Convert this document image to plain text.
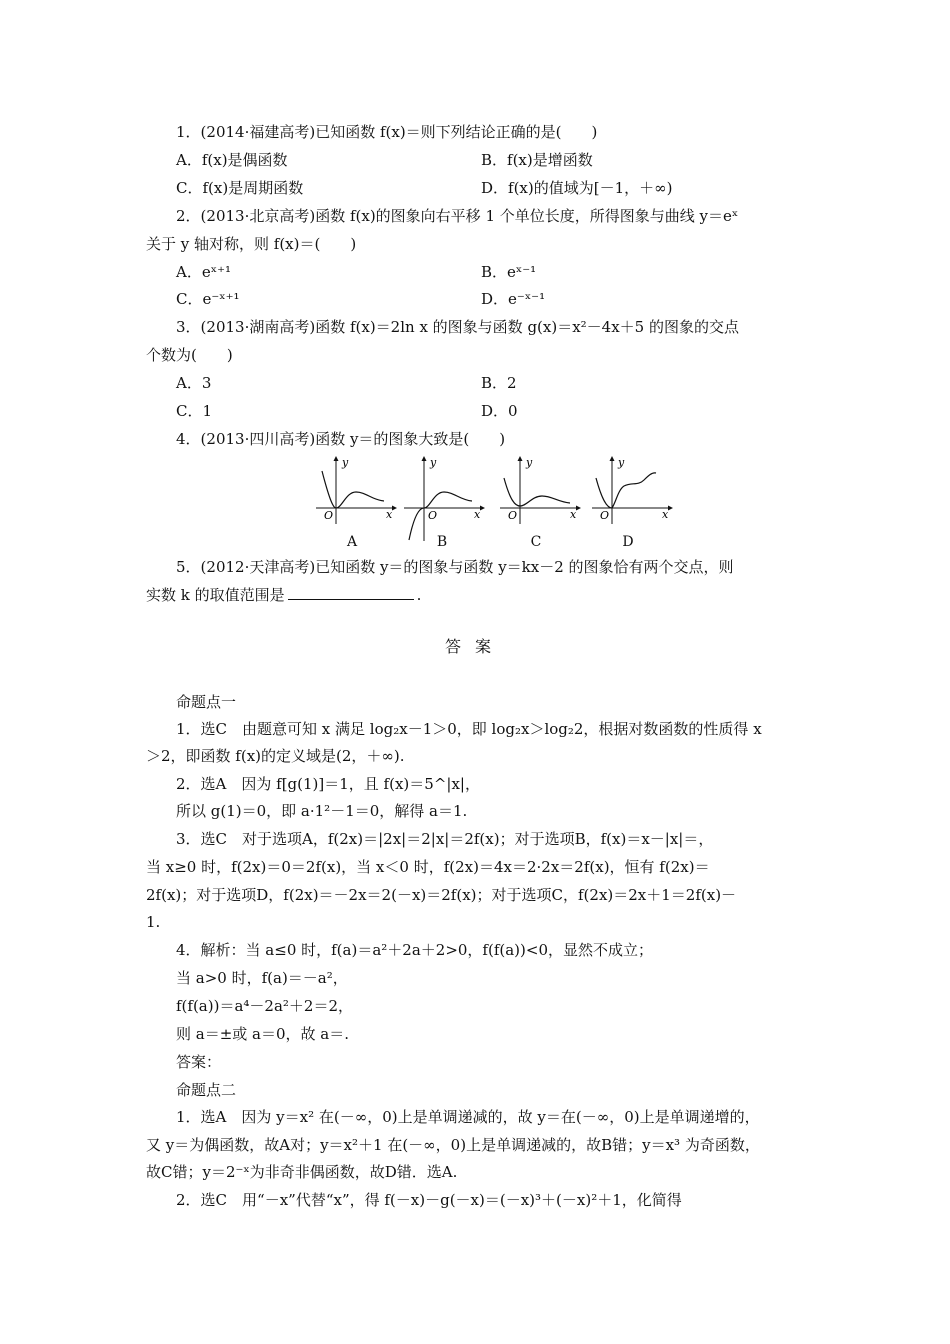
1．(2014·福建高考)已知函数 f(x)＝则下列结论正确的是(　　)
A．f(x)是偶函数	B．f(x)是增函数
C．f(x)是周期函数	D．f(x)的值域为[－1，＋∞)
2．(2013·北京高考)函数 f(x)的图象向右平移 1 个单位长度，所得图象与曲线 y＝eˣ
关于 y 轴对称，则 f(x)＝(　　)
A．eˣ⁺¹	B．eˣ⁻¹
C．e⁻ˣ⁺¹	D．e⁻ˣ⁻¹
3．(2013·湖南高考)函数 f(x)＝2ln x 的图象与函数 g(x)＝x²－4x＋5 的图象的交点
个数为(　　)
A．3	B．2
C．1	D．0
4．(2013·四川高考)函数 y＝的图象大致是(　　)
y
x
O
y
x
O
y
x
O
y
x
O
A	B	C	D
5．(2012·天津高考)已知函数 y＝的图象与函数 y＝kx－2 的图象恰有两个交点，则
实数 k 的取值范围是	.
答案
命题点一
1．选C　由题意可知 x 满足 log₂x－1＞0，即 log₂x＞log₂2，根据对数函数的性质得 x
＞2，即函数 f(x)的定义域是(2，＋∞).
2．选A　因为 f[g(1)]＝1，且 f(x)＝5^|x|，
所以 g(1)＝0，即 a·1²－1＝0，解得 a＝1.
3．选C　对于选项A，f(2x)＝|2x|＝2|x|＝2f(x)；对于选项B，f(x)＝x－|x|＝，
当 x≥0 时，f(2x)＝0＝2f(x)，当 x＜0 时，f(2x)＝4x＝2·2x＝2f(x)，恒有 f(2x)＝
2f(x)；对于选项D，f(2x)＝－2x＝2(－x)＝2f(x)；对于选项C，f(2x)＝2x＋1＝2f(x)－
1.
4．解析：当 a≤0 时，f(a)＝a²＋2a＋2>0，f(f(a))<0，显然不成立；
当 a>0 时，f(a)＝－a²，
f(f(a))＝a⁴－2a²＋2＝2，
则 a＝±或 a＝0，故 a＝.
答案：
命题点二
1．选A　因为 y＝x² 在(－∞，0)上是单调递减的，故 y＝在(－∞，0)上是单调递增的，
又 y＝为偶函数，故A对；y＝x²＋1 在(－∞，0)上是单调递减的，故B错；y＝x³ 为奇函数，
故C错；y＝2⁻ˣ为非奇非偶函数，故D错．选A.
2．选C　用“－x”代替“x”，得 f(－x)－g(－x)＝(－x)³＋(－x)²＋1，化简得
